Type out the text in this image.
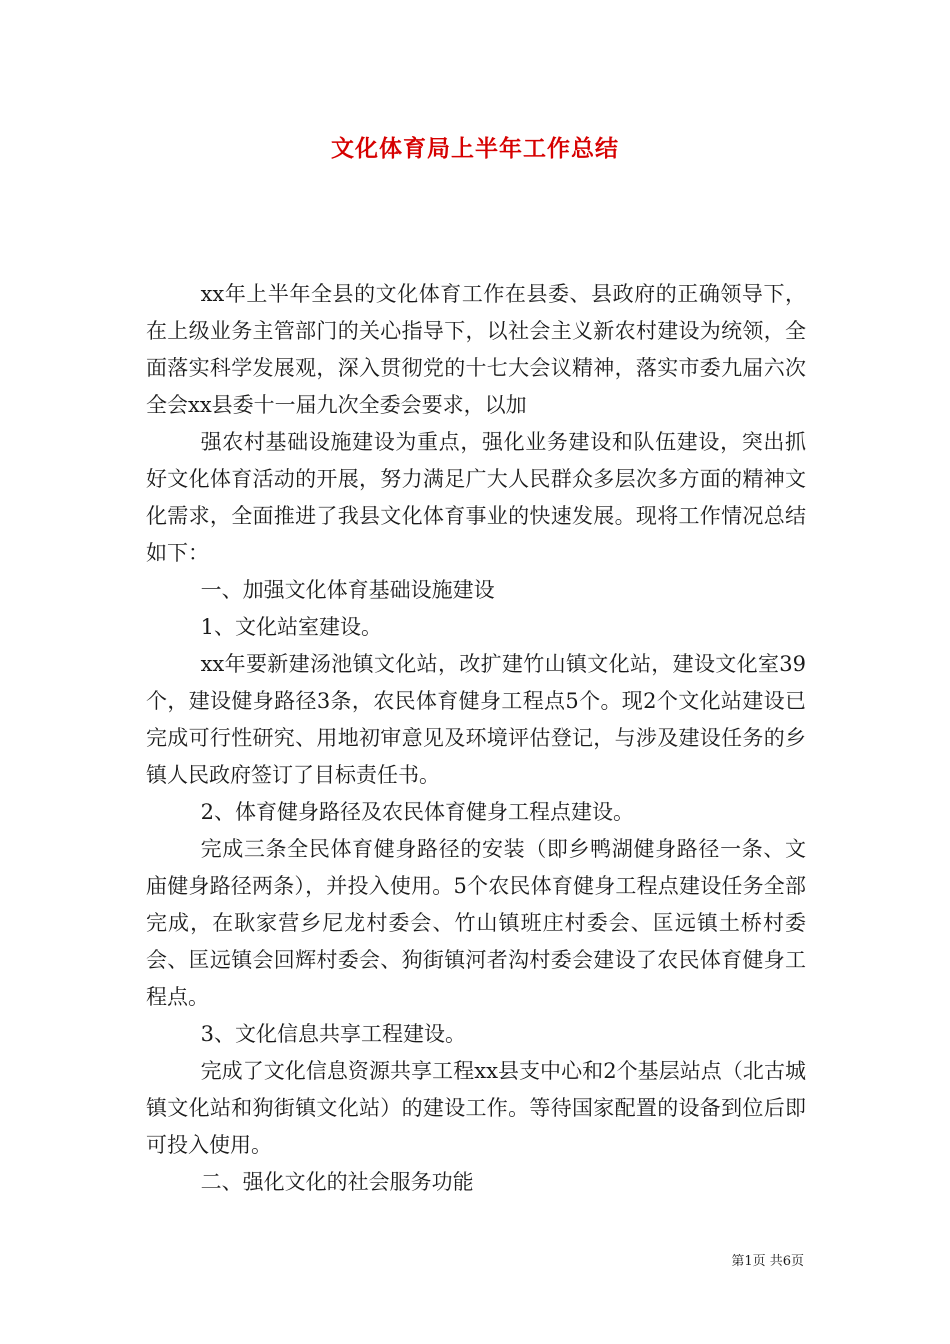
文化体育局上半年工作总结

xx年上半年全县的文化体育工作在县委、县政府的正确领导下，在上级业务主管部门的关心指导下，以社会主义新农村建设为统领，全面落实科学发展观，深入贯彻党的十七大会议精神，落实市委九届六次全会xx县委十一届九次全委会要求，以加

强农村基础设施建设为重点，强化业务建设和队伍建设，突出抓好文化体育活动的开展，努力满足广大人民群众多层次多方面的精神文化需求，全面推进了我县文化体育事业的快速发展。现将工作情况总结如下：

一、加强文化体育基础设施建设

1、文化站室建设。

xx年要新建汤池镇文化站，改扩建竹山镇文化站，建设文化室39个，建设健身路径3条，农民体育健身工程点5个。现2个文化站建设已完成可行性研究、用地初审意见及环境评估登记，与涉及建设任务的乡镇人民政府签订了目标责任书。

2、体育健身路径及农民体育健身工程点建设。

完成三条全民体育健身路径的安装（即乡鸭湖健身路径一条、文庙健身路径两条），并投入使用。5个农民体育健身工程点建设任务全部完成，在耿家营乡尼龙村委会、竹山镇班庄村委会、匡远镇土桥村委会、匡远镇会回辉村委会、狗街镇河者沟村委会建设了农民体育健身工程点。

3、文化信息共享工程建设。

完成了文化信息资源共享工程xx县支中心和2个基层站点（北古城镇文化站和狗街镇文化站）的建设工作。等待国家配置的设备到位后即可投入使用。

二、强化文化的社会服务功能

第1页 共6页
